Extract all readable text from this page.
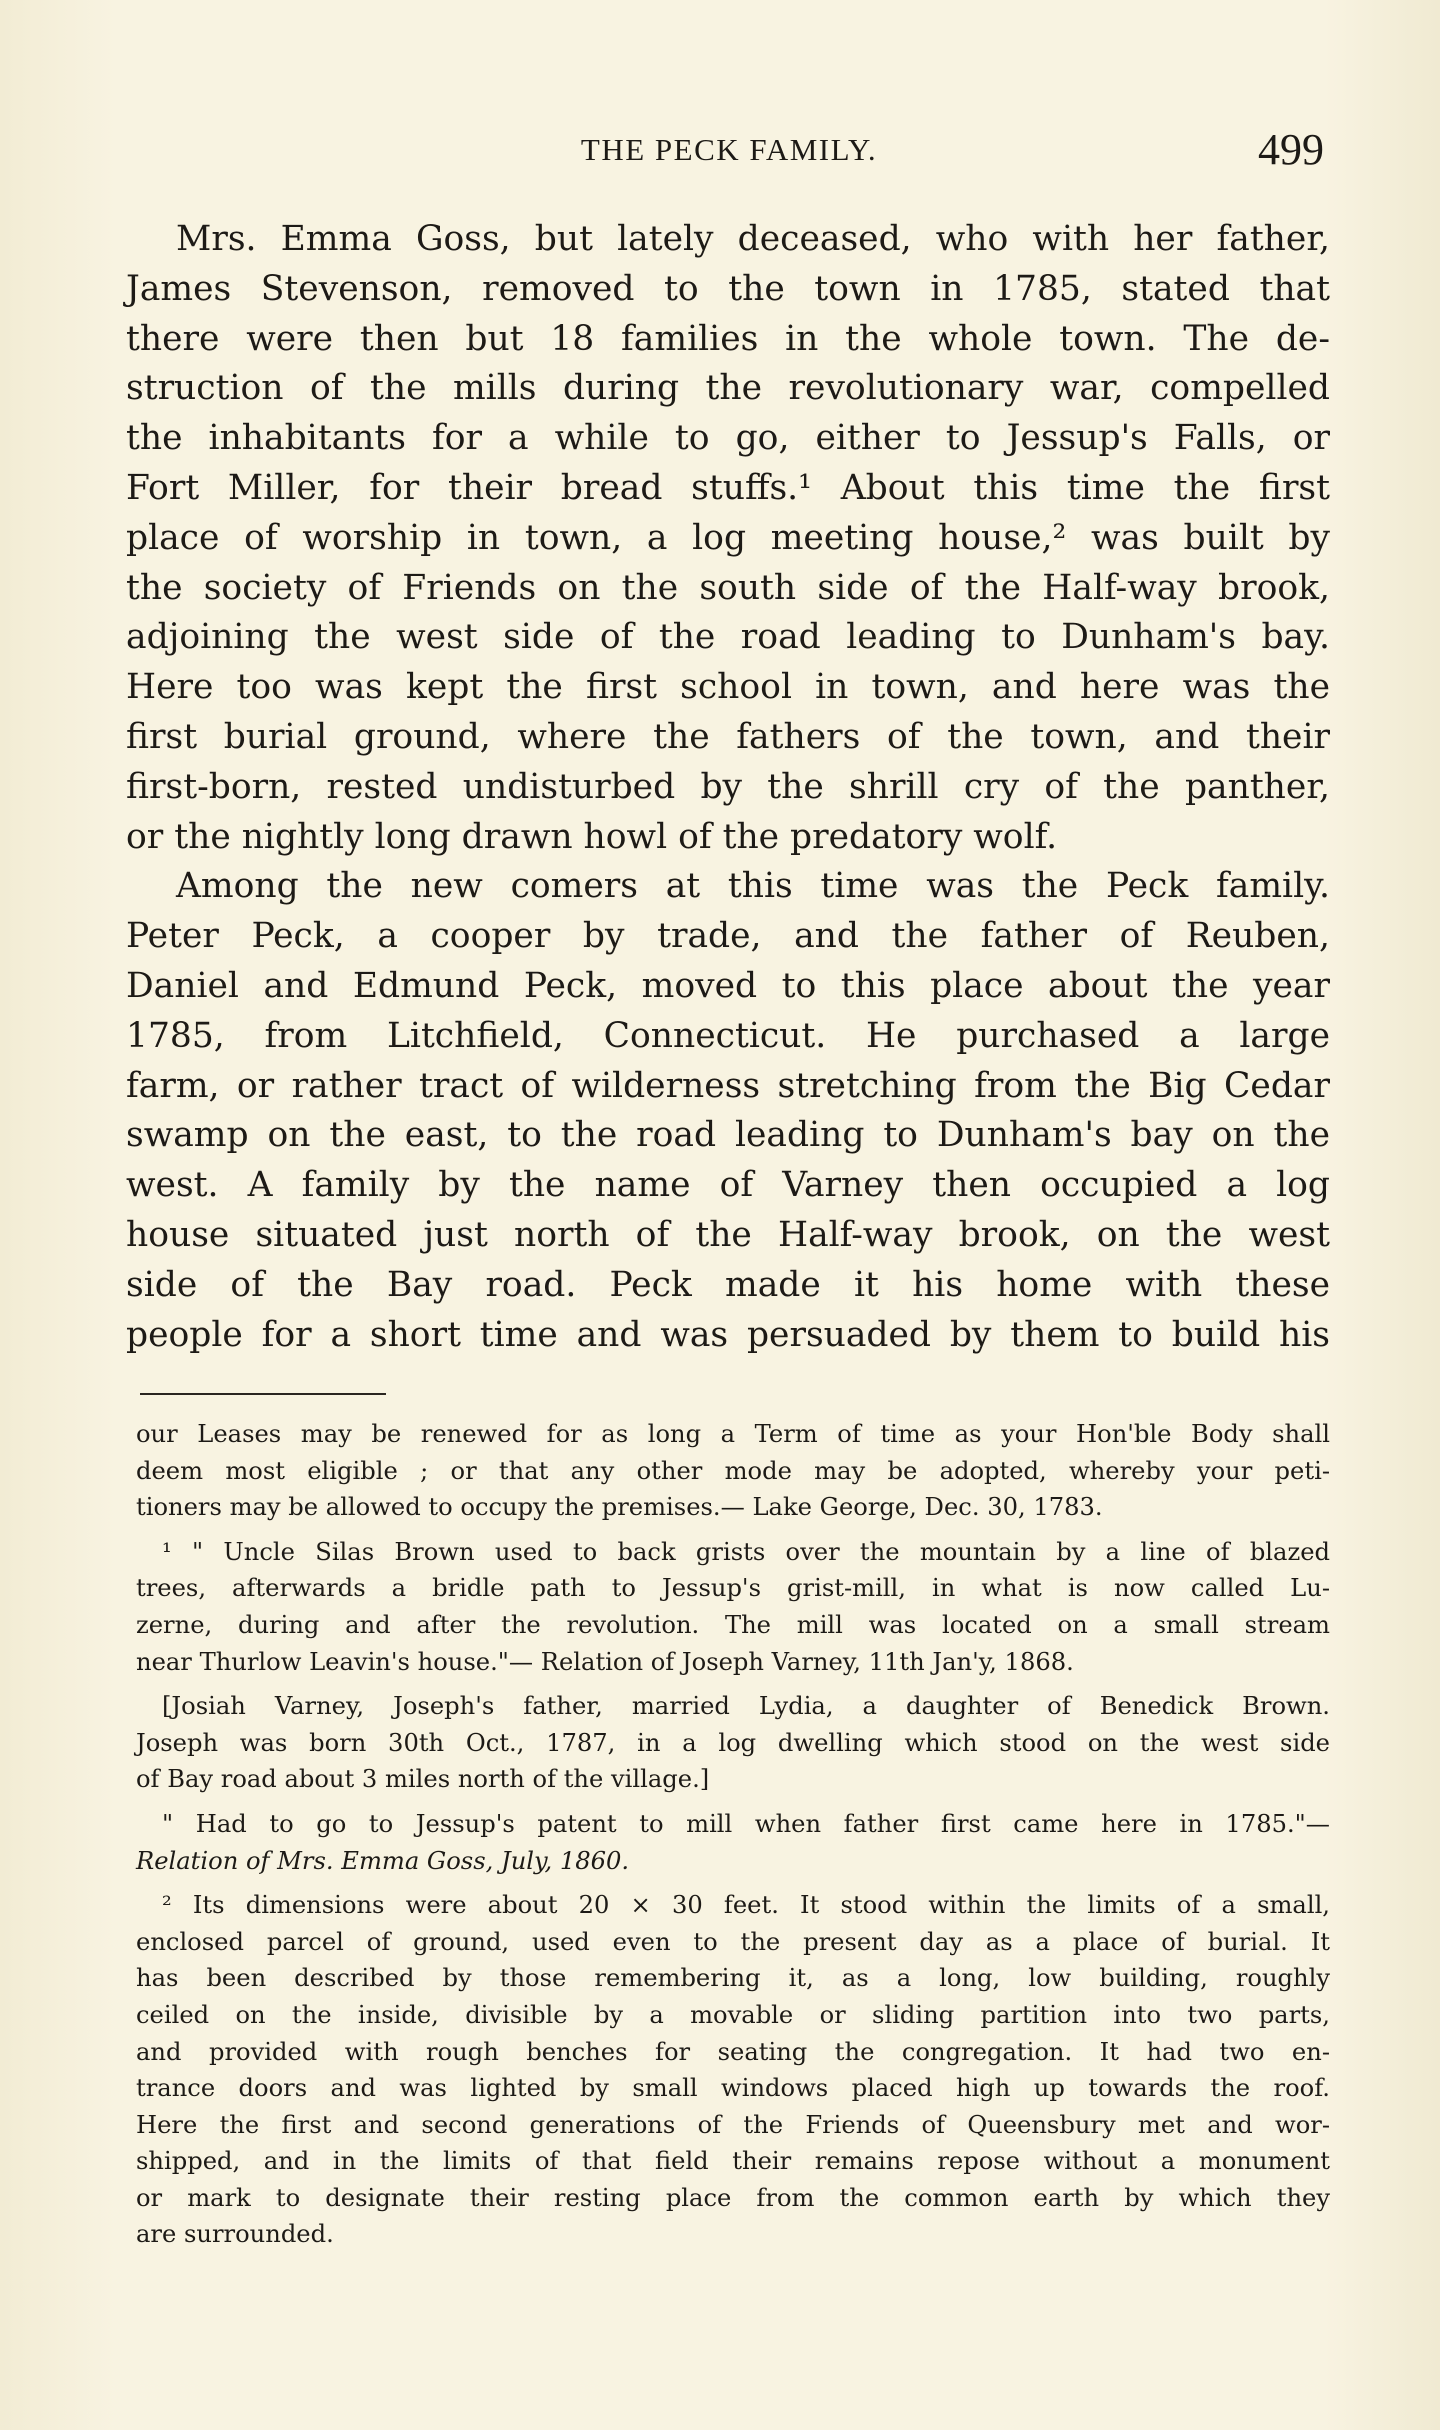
THE PECK FAMILY.	499

Mrs. Emma Goss, but lately deceased, who with her father,
James Stevenson, removed to the town in 1785, stated that
there were then but 18 families in the whole town. The de-
struction of the mills during the revolutionary war, compelled
the inhabitants for a while to go, either to Jessup's Falls, or
Fort Miller, for their bread stuffs.¹ About this time the first
place of worship in town, a log meeting house,² was built by
the society of Friends on the south side of the Half-way brook,
adjoining the west side of the road leading to Dunham's bay.
Here too was kept the first school in town, and here was the
first burial ground, where the fathers of the town, and their
first-born, rested undisturbed by the shrill cry of the panther,
or the nightly long drawn howl of the predatory wolf.

Among the new comers at this time was the Peck family.
Peter Peck, a cooper by trade, and the father of Reuben,
Daniel and Edmund Peck, moved to this place about the year
1785, from Litchfield, Connecticut. He purchased a large
farm, or rather tract of wilderness stretching from the Big Cedar
swamp on the east, to the road leading to Dunham's bay on the
west. A family by the name of Varney then occupied a log
house situated just north of the Half-way brook, on the west
side of the Bay road. Peck made it his home with these
people for a short time and was persuaded by them to build his

our Leases may be renewed for as long a Term of time as your Hon'ble Body shall
deem most eligible ; or that any other mode may be adopted, whereby your peti-
tioners may be allowed to occupy the premises.— Lake George, Dec. 30, 1783.
¹ " Uncle Silas Brown used to back grists over the mountain by a line of blazed
trees, afterwards a bridle path to Jessup's grist-mill, in what is now called Lu-
zerne, during and after the revolution. The mill was located on a small stream
near Thurlow Leavin's house."— Relation of Joseph Varney, 11th Jan'y, 1868.
[Josiah Varney, Joseph's father, married Lydia, a daughter of Benedick Brown.
Joseph was born 30th Oct., 1787, in a log dwelling which stood on the west side
of Bay road about 3 miles north of the village.]
" Had to go to Jessup's patent to mill when father first came here in 1785."—
Relation of Mrs. Emma Goss, July, 1860.
² Its dimensions were about 20 × 30 feet. It stood within the limits of a small,
enclosed parcel of ground, used even to the present day as a place of burial. It
has been described by those remembering it, as a long, low building, roughly
ceiled on the inside, divisible by a movable or sliding partition into two parts,
and provided with rough benches for seating the congregation. It had two en-
trance doors and was lighted by small windows placed high up towards the roof.
Here the first and second generations of the Friends of Queensbury met and wor-
shipped, and in the limits of that field their remains repose without a monument
or mark to designate their resting place from the common earth by which they
are surrounded.
